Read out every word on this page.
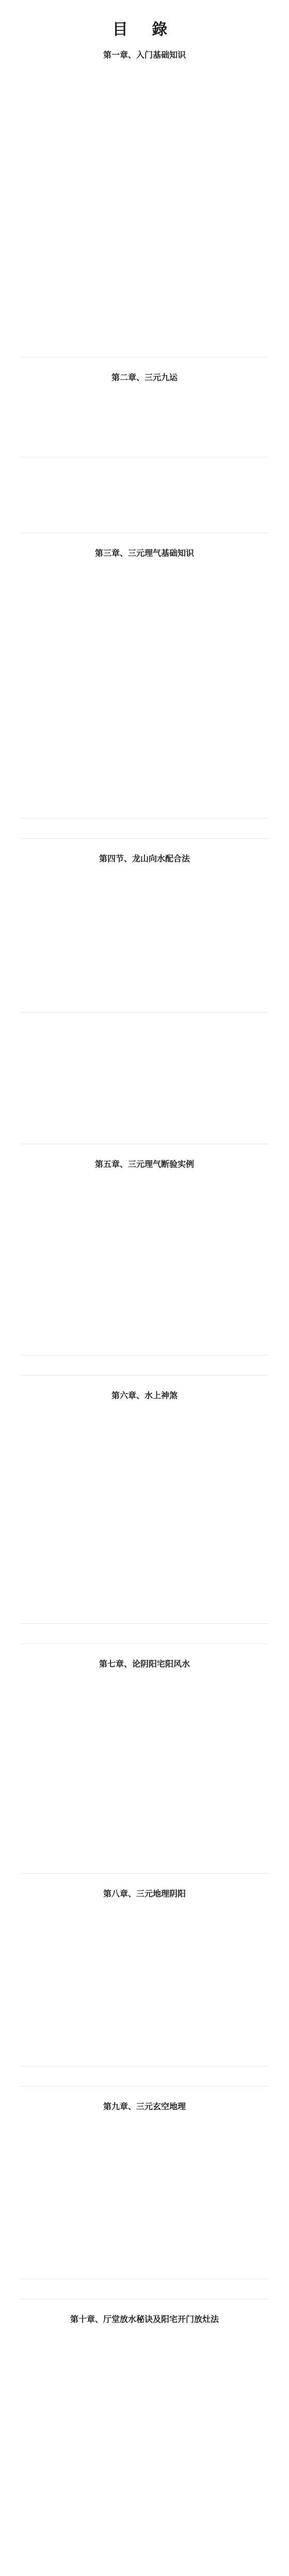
目 錄
第一章、入门基础知识
第二章、三元九运
第三章、三元理气基础知识
第四节、龙山向水配合法
第五章、三元理气断验实例
第六章、水上神煞
第七章、论阴阳宅阳风水
第八章、三元地理阴阳
第九章、三元玄空地理
第十章、厅堂放水秘诀及阳宅开门放灶法
